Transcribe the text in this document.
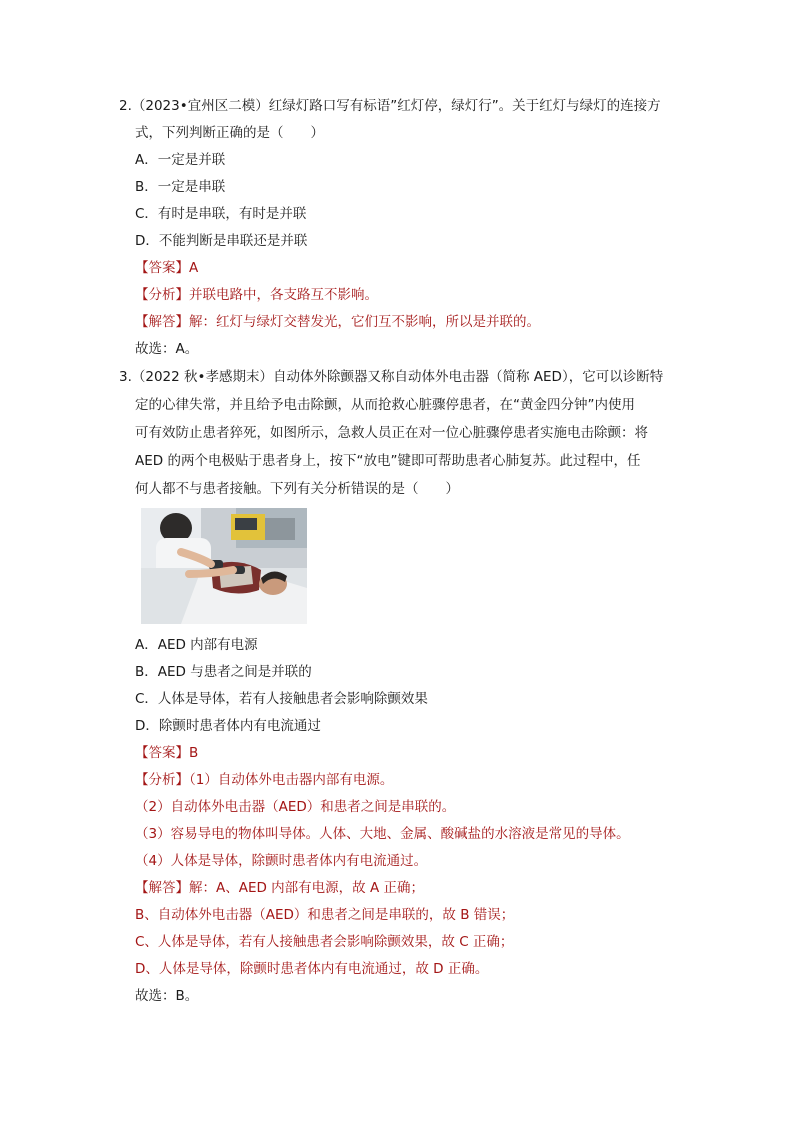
2.（2023•宜州区二模）红绿灯路口写有标语”红灯停，绿灯行”。关于红灯与绿灯的连接方
式，下列判断正确的是（　　）
A．一定是并联
B．一定是串联
C．有时是串联，有时是并联
D．不能判断是串联还是并联
【答案】A
【分析】并联电路中，各支路互不影响。
【解答】解：红灯与绿灯交替发光，它们互不影响，所以是并联的。
故选：A。
3.（2022 秋•孝感期末）自动体外除颤器又称自动体外电击器（简称 AED），它可以诊断特
定的心律失常，并且给予电击除颤，从而抢救心脏骤停患者，在“黄金四分钟”内使用
可有效防止患者猝死，如图所示，急救人员正在对一位心脏骤停患者实施电击除颤：将
AED 的两个电极贴于患者身上，按下“放电”键即可帮助患者心肺复苏。此过程中，任
何人都不与患者接触。下列有关分析错误的是（　　）
A．AED 内部有电源
B．AED 与患者之间是并联的
C．人体是导体，若有人接触患者会影响除颤效果
D．除颤时患者体内有电流通过
【答案】B
【分析】（1）自动体外电击器内部有电源。
（2）自动体外电击器（AED）和患者之间是串联的。
（3）容易导电的物体叫导体。人体、大地、金属、酸碱盐的水溶液是常见的导体。
（4）人体是导体，除颤时患者体内有电流通过。
【解答】解：A、AED 内部有电源，故 A 正确；
B、自动体外电击器（AED）和患者之间是串联的，故 B 错误；
C、人体是导体，若有人接触患者会影响除颤效果，故 C 正确；
D、人体是导体，除颤时患者体内有电流通过，故 D 正确。
故选：B。
